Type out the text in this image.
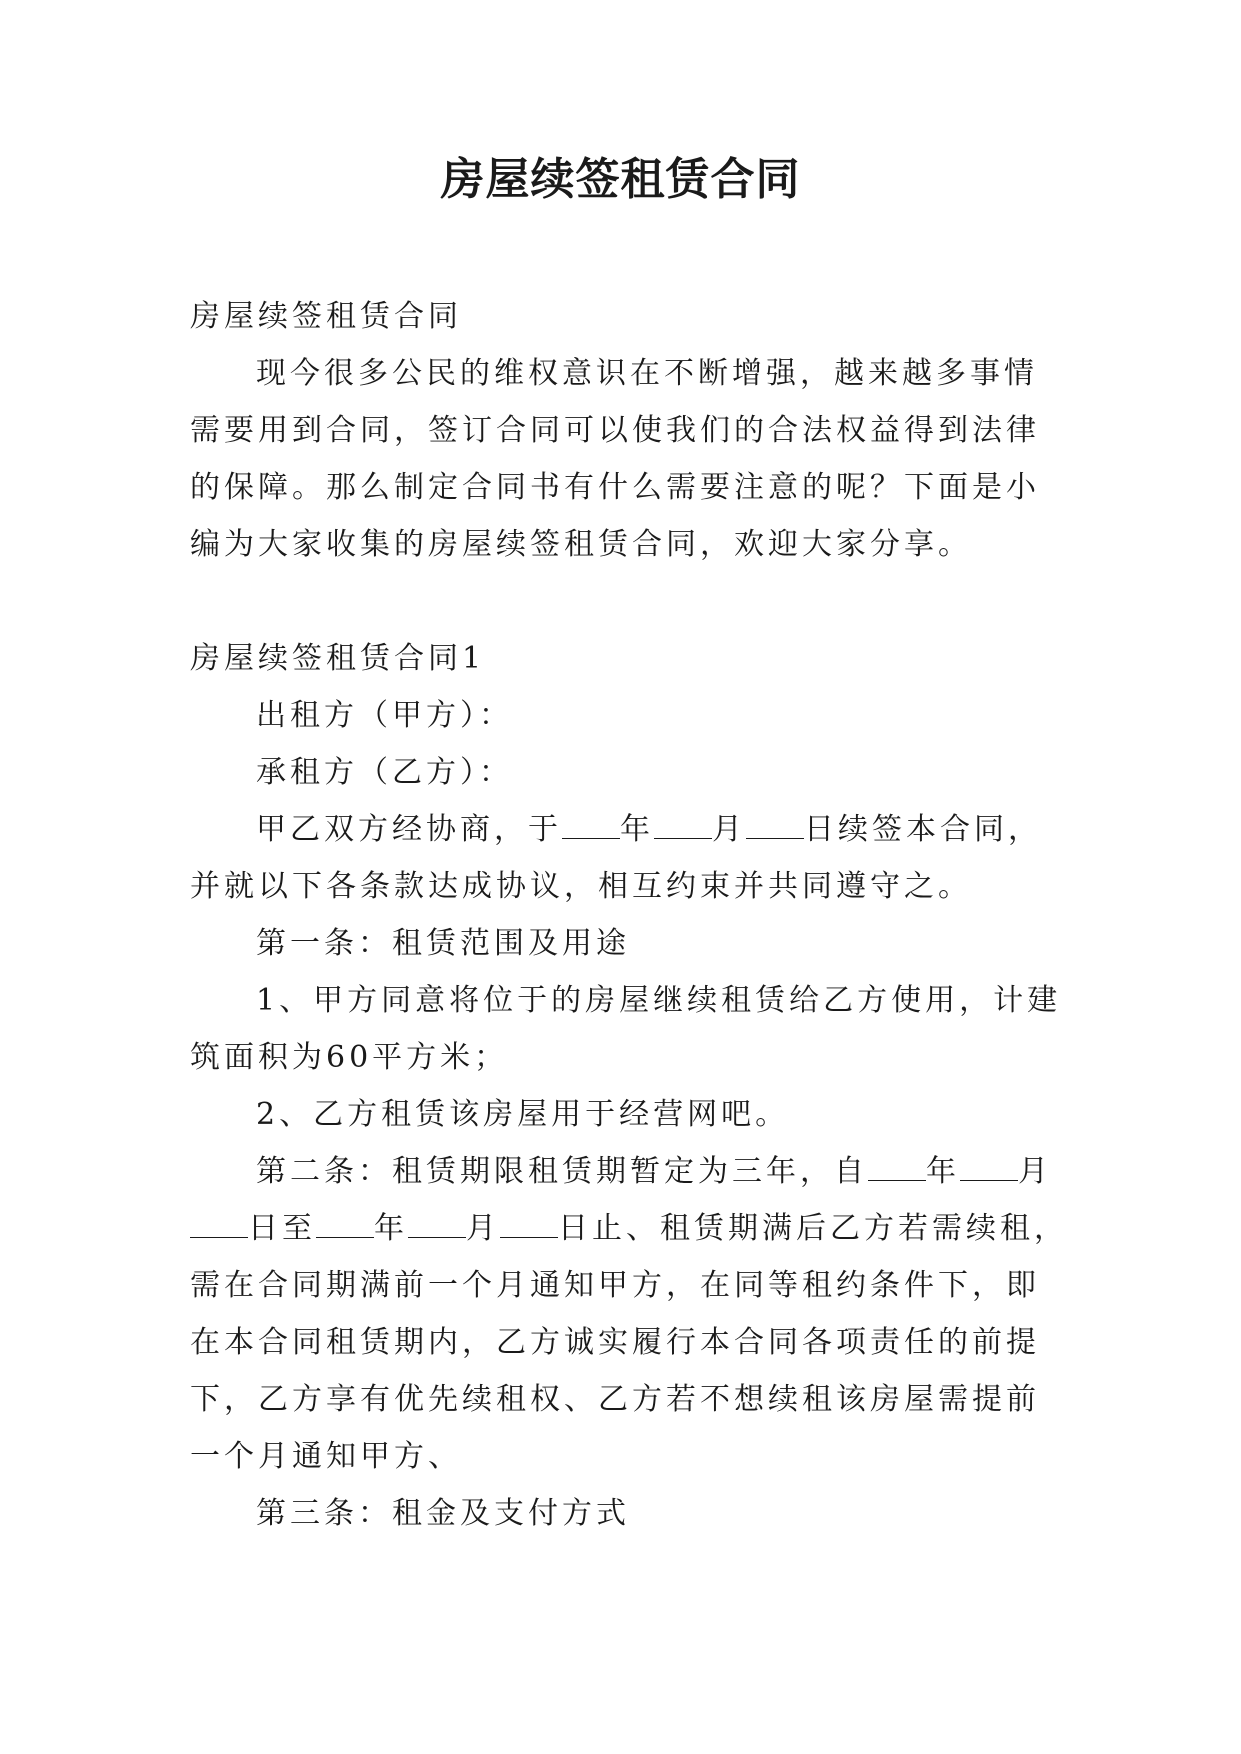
房屋续签租赁合同

房屋续签租赁合同

现今很多公民的维权意识在不断增强，越来越多事情需要用到合同，签订合同可以使我们的合法权益得到法律的保障。那么制定合同书有什么需要注意的呢？下面是小编为大家收集的房屋续签租赁合同，欢迎大家分享。

房屋续签租赁合同1

出租方（甲方）：

承租方（乙方）：

甲乙双方经协商，于 年 月 日续签本合同，并就以下各条款达成协议，相互约束并共同遵守之。

第一条：租赁范围及用途

1、甲方同意将位于的房屋继续租赁给乙方使用，计建筑面积为60平方米；

2、乙方租赁该房屋用于经营网吧。

第二条：租赁期限租赁期暂定为三年，自 年 月日至 年 月 日止、租赁期满后乙方若需续租，需在合同期满前一个月通知甲方，在同等租约条件下，即在本合同租赁期内，乙方诚实履行本合同各项责任的前提下，乙方享有优先续租权、乙方若不想续租该房屋需提前一个月通知甲方、

第三条：租金及支付方式
